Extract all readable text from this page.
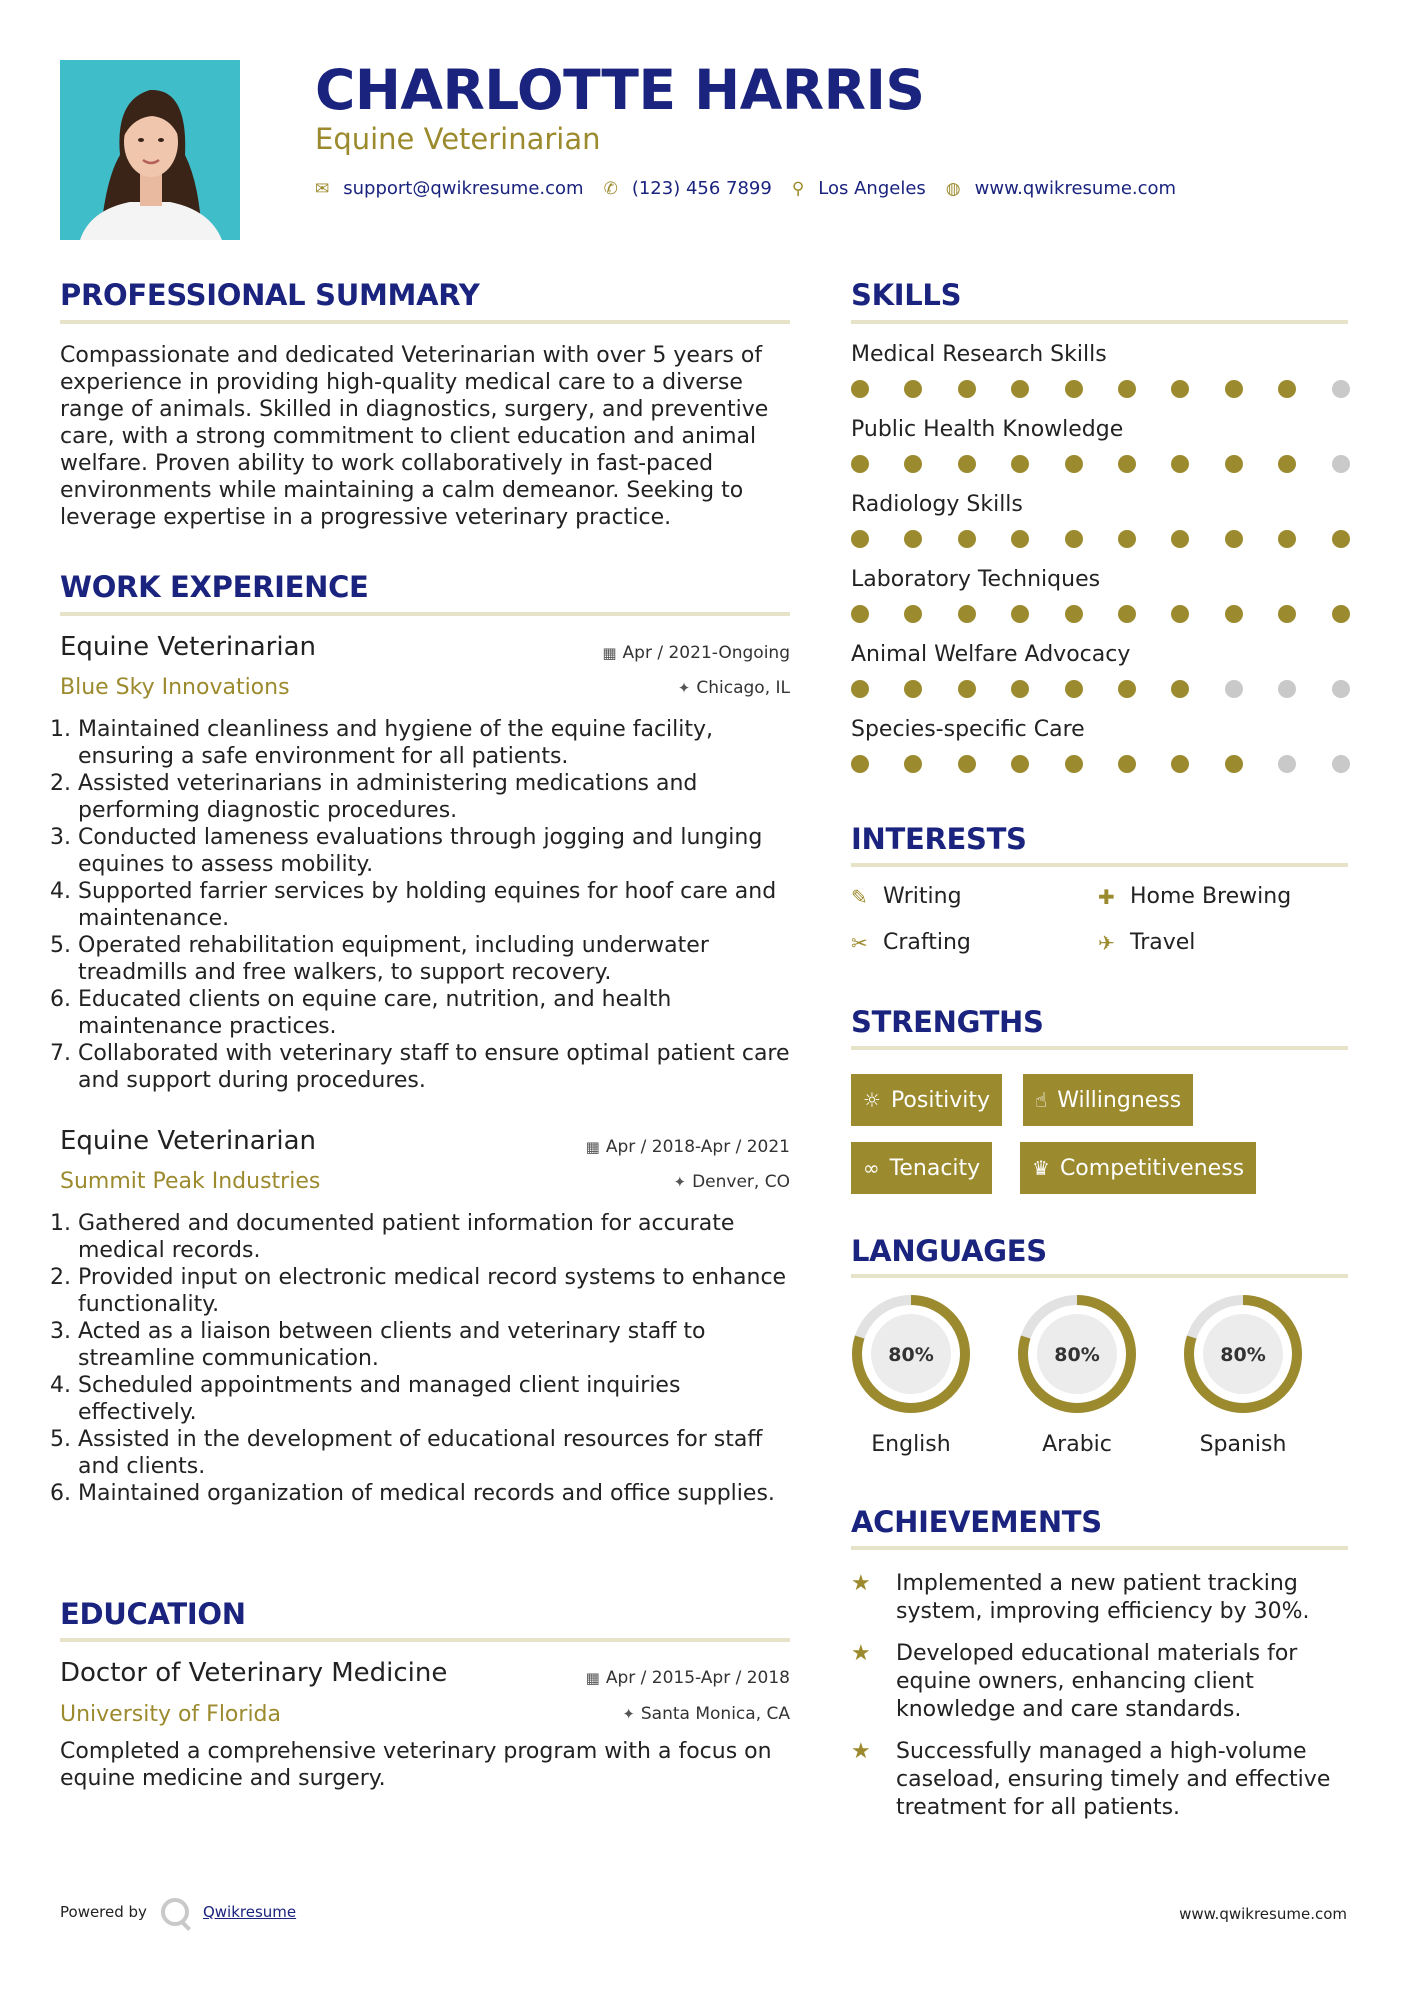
CHARLOTTE HARRIS
Equine Veterinarian
✉ support@qwikresume.com ✆ (123) 456 7899 ⚲ Los Angeles ◍ www.qwikresume.com
PROFESSIONAL SUMMARY
Compassionate and dedicated Veterinarian with over 5 years of experience in providing high-quality medical care to a diverse range of animals. Skilled in diagnostics, surgery, and preventive care, with a strong commitment to client education and animal welfare. Proven ability to work collaboratively in fast-paced environments while maintaining a calm demeanor. Seeking to leverage expertise in a progressive veterinary practice.
WORK EXPERIENCE
Equine Veterinarian	▦ Apr / 2021-Ongoing
Blue Sky Innovations	✦ Chicago, IL
1. Maintained cleanliness and hygiene of the equine facility, ensuring a safe environment for all patients.
2. Assisted veterinarians in administering medications and performing diagnostic procedures.
3. Conducted lameness evaluations through jogging and lunging equines to assess mobility.
4. Supported farrier services by holding equines for hoof care and maintenance.
5. Operated rehabilitation equipment, including underwater treadmills and free walkers, to support recovery.
6. Educated clients on equine care, nutrition, and health maintenance practices.
7. Collaborated with veterinary staff to ensure optimal patient care and support during procedures.
Equine Veterinarian	▦ Apr / 2018-Apr / 2021
Summit Peak Industries	✦ Denver, CO
1. Gathered and documented patient information for accurate medical records.
2. Provided input on electronic medical record systems to enhance functionality.
3. Acted as a liaison between clients and veterinary staff to streamline communication.
4. Scheduled appointments and managed client inquiries effectively.
5. Assisted in the development of educational resources for staff and clients.
6. Maintained organization of medical records and office supplies.
EDUCATION
Doctor of Veterinary Medicine	▦ Apr / 2015-Apr / 2018
University of Florida	✦ Santa Monica, CA
Completed a comprehensive veterinary program with a focus on equine medicine and surgery.
SKILLS
Medical Research Skills
Public Health Knowledge
Radiology Skills
Laboratory Techniques
Animal Welfare Advocacy
Species-specific Care
INTERESTS
✎ Writing	✚ Home Brewing
✂ Crafting	✈ Travel
STRENGTHS
☼ Positivity ☝ Willingness
∞ Tenacity	♛ Competitiveness
LANGUAGES
80%
English
80%
Arabic
80%
Spanish
ACHIEVEMENTS
★	Implemented a new patient tracking system, improving efficiency by 30%.
★	Developed educational materials for equine owners, enhancing client knowledge and care standards.
★	Successfully managed a high-volume caseload, ensuring timely and effective treatment for all patients.
Powered by	Qwikresume	www.qwikresume.com
